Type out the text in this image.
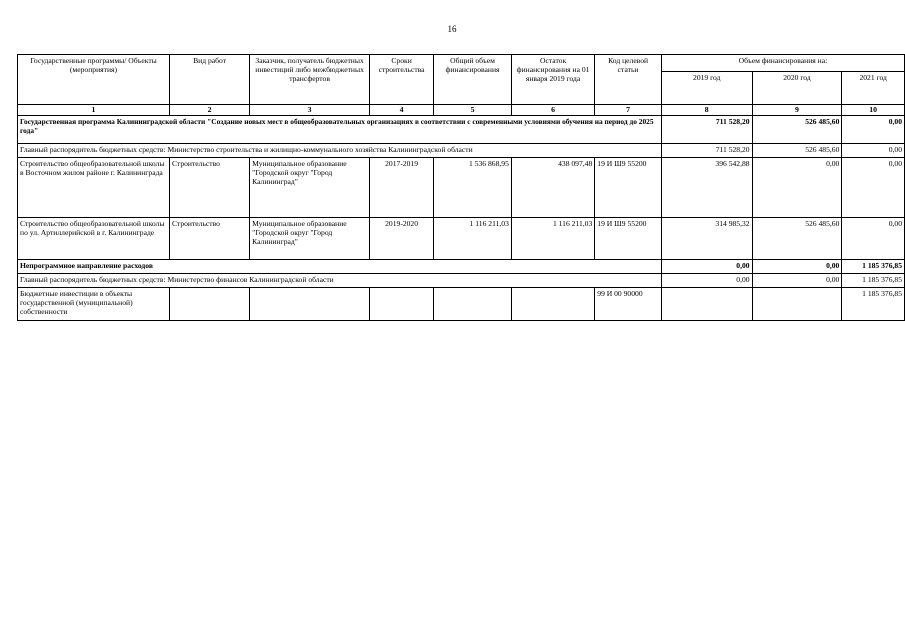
16
Государственные программы/ Объекты (мероприятия)	Вид работ	Заказчик, получатель бюджетных инвестиций либо межбюджетных трансфертов	Сроки строительства	Общий объем финансирования	Остаток финансирования на 01 января 2019 года	Код целевой статьи	Объем финансирования на:		
							2019 год	2020 год	2021 год
1	2	3	4	5	6	7	8	9	10
Государственная программа Калининградской области "Создание новых мест в общеобразовательных организациях в соответствии с современными условиями обучения на период до 2025 года"							711 528,20	526 485,60	0,00
Главный распорядитель бюджетных средств: Министерство строительства и жилищно-коммунального хозяйства Калининградской области							711 528,20	526 485,60	0,00
Строительство общеобразовательной школы в Восточном жилом районе г. Калининграда	Строительство	Муниципальное образование "Городской округ "Город Калининград"	2017-2019	1 536 868,95	438 097,48	19 И Ш9 55200	396 542,88	0,00	0,00
Строительство общеобразовательной школы по ул. Артиллерийской в г. Калининграде	Строительство	Муниципальное образование "Городской округ "Город Калининград"	2019-2020	1 116 211,03	1 116 211,03	19 И Ш9 55200	314 985,32	526 485,60	0,00
Непрограммное направление расходов							0,00	0,00	1 185 376,85
Главный распорядитель бюджетных средств: Министерство финансов Калининградской области							0,00	0,00	1 185 376,85
Бюджетные инвестиции в объекты государственной (муниципальной) собственности						99 И 00 90000			1 185 376,85
